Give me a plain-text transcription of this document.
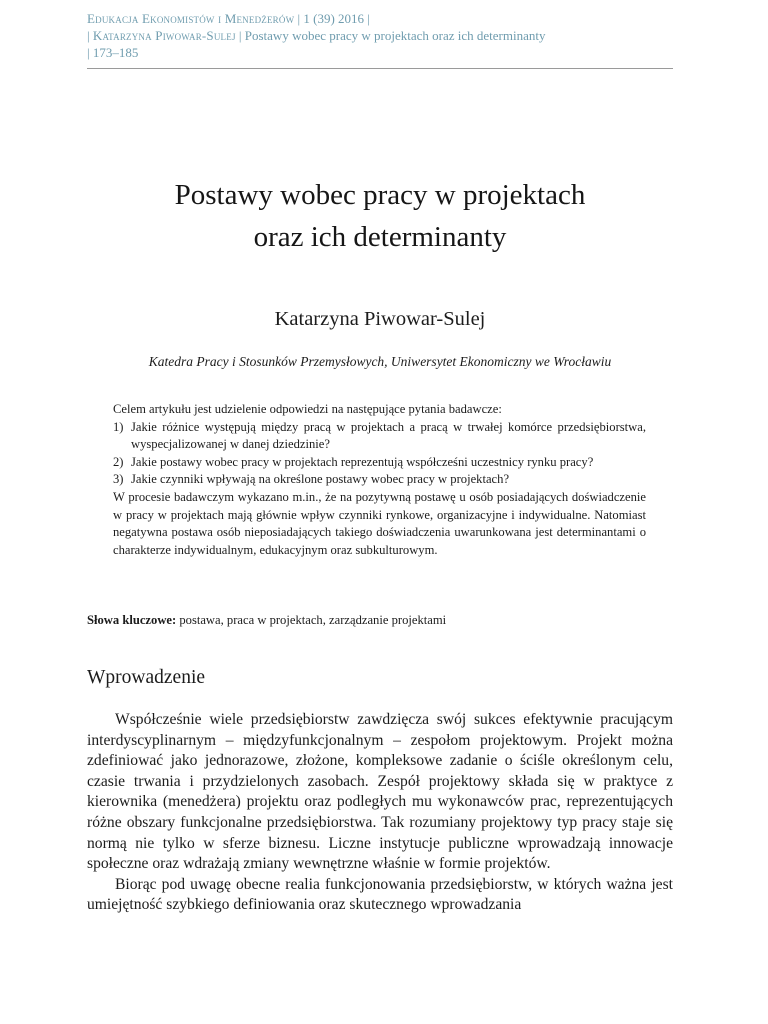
Edukacja Ekonomistów i Menedżerów | 1 (39) 2016 |
| Katarzyna Piwowar-Sulej | Postawy wobec pracy w projektach oraz ich determinanty
| 173–185
Postawy wobec pracy w projektach
oraz ich determinanty
Katarzyna Piwowar-Sulej
Katedra Pracy i Stosunków Przemysłowych, Uniwersytet Ekonomiczny we Wrocławiu

Celem artykułu jest udzielenie odpowiedzi na następujące pytania badawcze:

1) Jakie różnice występują między pracą w projektach a pracą w trwałej komórce przedsiębiorstwa, wyspecjalizowanej w danej dziedzinie?
2) Jakie postawy wobec pracy w projektach reprezentują współcześni uczestnicy rynku pracy?
3) Jakie czynniki wpływają na określone postawy wobec pracy w projektach?

W procesie badawczym wykazano m.in., że na pozytywną postawę u osób posiadających doświadczenie w pracy w projektach mają głównie wpływ czynniki rynkowe, organizacyjne i indywidualne. Natomiast negatywna postawa osób nieposiadających takiego doświadczenia uwarunkowana jest determinantami o charakterze indywidualnym, edukacyjnym oraz subkulturowym.

Słowa kluczowe: postawa, praca w projektach, zarządzanie projektami
Wprowadzenie

Współcześnie wiele przedsiębiorstw zawdzięcza swój sukces efektywnie pracującym interdyscyplinarnym – międzyfunkcjonalnym – zespołom projektowym. Projekt można zdefiniować jako jednorazowe, złożone, kompleksowe zadanie o ściśle określonym celu, czasie trwania i przydzielonych zasobach. Zespół projektowy składa się w praktyce z kierownika (menedżera) projektu oraz podległych mu wykonawców prac, reprezentujących różne obszary funkcjonalne przedsiębiorstwa. Tak rozumiany projektowy typ pracy staje się normą nie tylko w sferze biznesu. Liczne instytucje publiczne wprowadzają innowacje społeczne oraz wdrażają zmiany wewnętrzne właśnie w formie projektów.

Biorąc pod uwagę obecne realia funkcjonowania przedsiębiorstw, w których ważna jest umiejętność szybkiego definiowania oraz skutecznego wprowadzania
